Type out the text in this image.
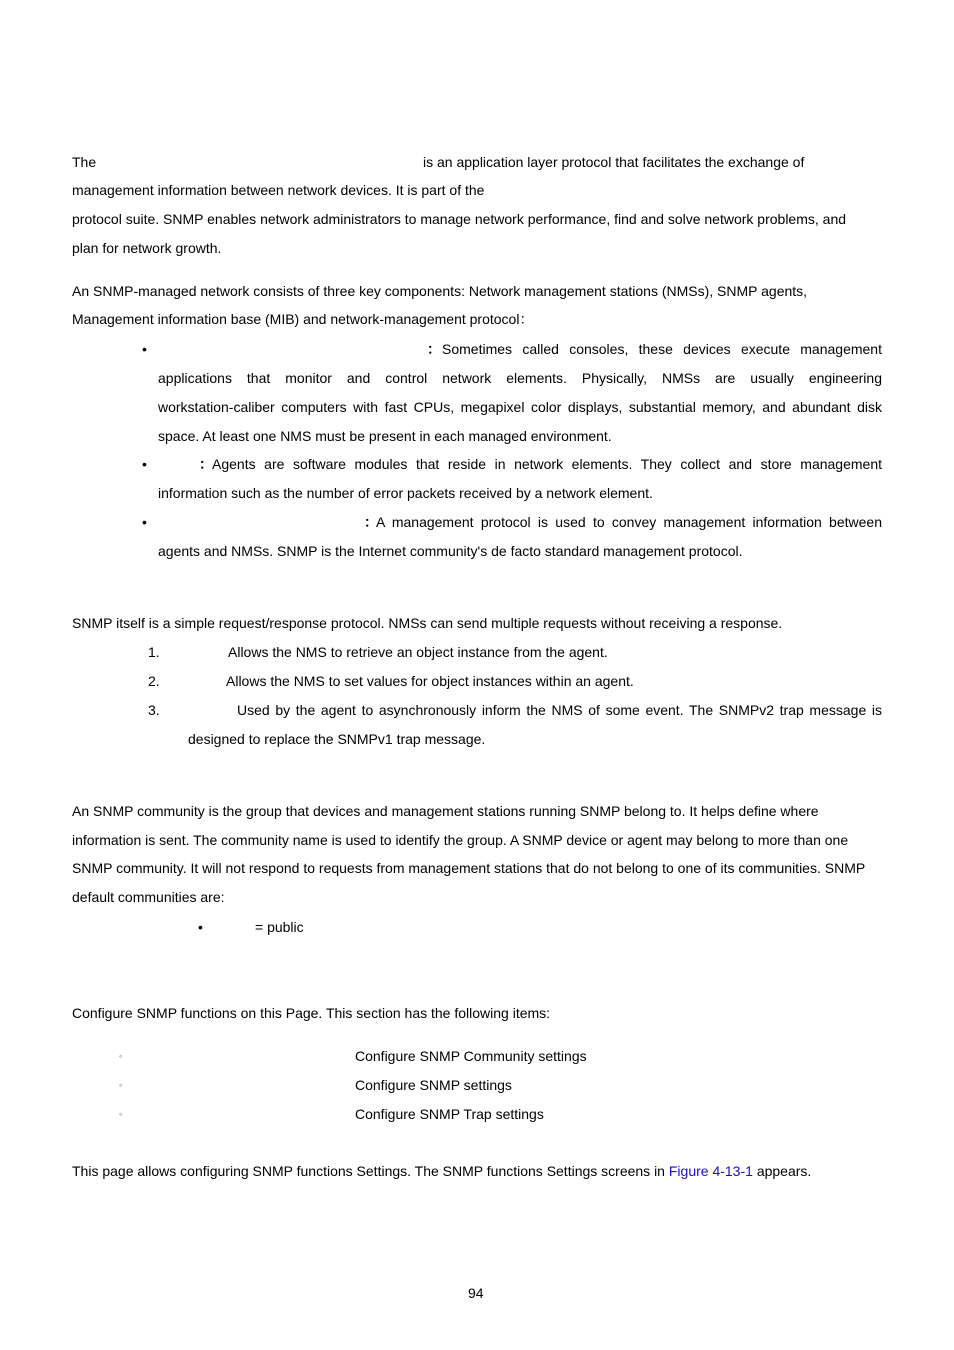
The	is an application layer protocol that facilitates the exchange of
management information between network devices. It is part of the
protocol suite. SNMP enables network administrators to manage network performance, find and solve network problems, and
plan for network growth.
An SNMP-managed network consists of three key components: Network management stations (NMSs), SNMP agents,
Management information base (MIB) and network-management protocol：
•	： Sometimes called consoles, these devices execute management
applications that monitor and control network elements. Physically, NMSs are usually engineering
workstation-caliber computers with fast CPUs, megapixel color displays, substantial memory, and abundant disk
space. At least one NMS must be present in each managed environment.
•	： Agents are software modules that reside in network elements. They collect and store management
information such as the number of error packets received by a network element.
•	：
A management protocol is used to convey management information between
agents and NMSs. SNMP is the Internet community's de facto standard management protocol.
SNMP itself is a simple request/response protocol. NMSs can send multiple requests without receiving a response.
1.	Allows the NMS to retrieve an object instance from the agent.
2.	Allows the NMS to set values for object instances within an agent.
3.	Used by the agent to asynchronously inform the NMS of some event. The SNMPv2 trap message is
designed to replace the SNMPv1 trap message.
An SNMP community is the group that devices and management stations running SNMP belong to. It helps define where
information is sent. The community name is used to identify the group. A SNMP device or agent may belong to more than one
SNMP community. It will not respond to requests from management stations that do not belong to one of its communities. SNMP
default communities are:
•	= public
Configure SNMP functions on this Page. This section has the following items:
◦	Configure SNMP Community settings
◦	Configure SNMP settings
◦	Configure SNMP Trap settings
This page allows configuring SNMP functions Settings. The SNMP functions Settings screens in Figure 4-13-1 appears.
94
